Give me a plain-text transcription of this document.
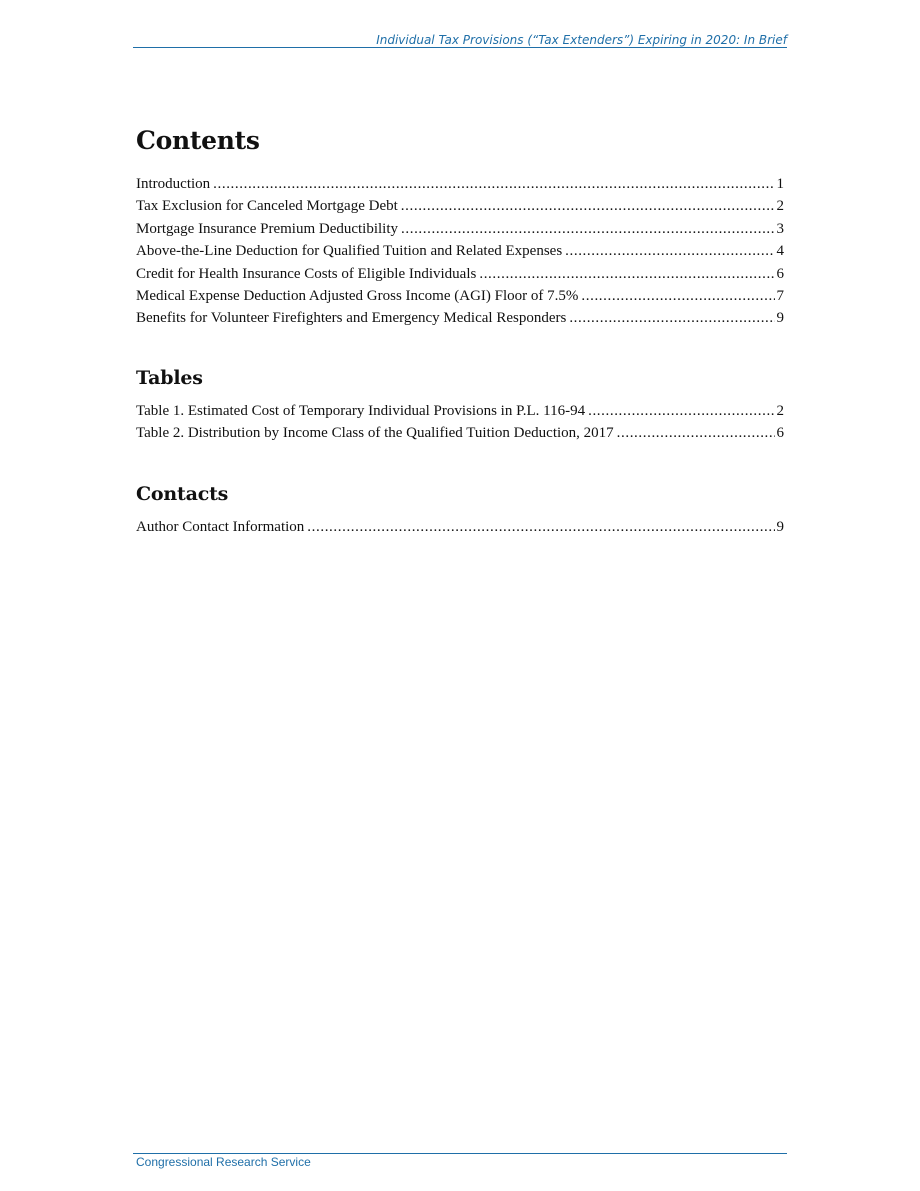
Individual Tax Provisions (“Tax Extenders”) Expiring in 2020: In Brief
Contents
Introduction .....	1
Tax Exclusion for Canceled Mortgage Debt .....	2
Mortgage Insurance Premium Deductibility .....	3
Above-the-Line Deduction for Qualified Tuition and Related Expenses .....	4
Credit for Health Insurance Costs of Eligible Individuals .....	6
Medical Expense Deduction Adjusted Gross Income (AGI) Floor of 7.5% .....	7
Benefits for Volunteer Firefighters and Emergency Medical Responders .....	9
Tables
Table 1. Estimated Cost of Temporary Individual Provisions in P.L. 116-94 .....	2
Table 2. Distribution by Income Class of the Qualified Tuition Deduction, 2017 .....	6
Contacts
Author Contact Information .....	9
Congressional Research Service
